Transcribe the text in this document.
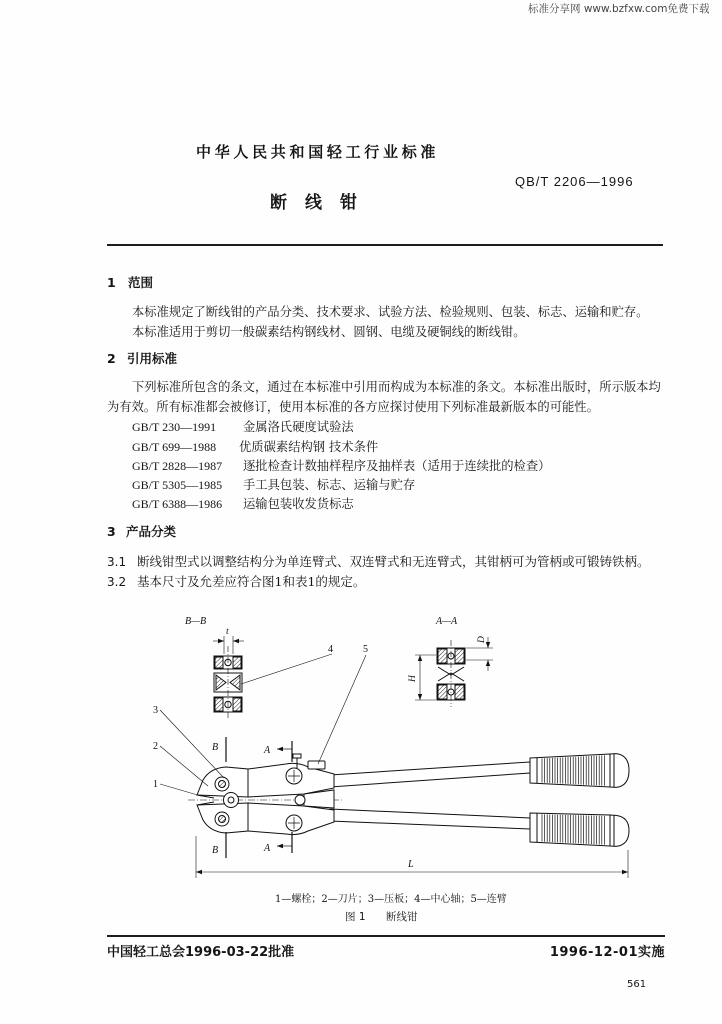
标准分享网 www.bzfxw.com免费下载
中华人民共和国轻工行业标准
QB/T 2206—1996
断线钳
1 范围
本标准规定了断线钳的产品分类、技术要求、试验方法、检验规则、包装、标志、运输和贮存。
本标准适用于剪切一般碳素结构钢线材、圆钢、电缆及硬铜线的断线钳。
2 引用标准
下列标准所包含的条文，通过在本标准中引用而构成为本标准的条文。本标准出版时，所示版本均
为有效。所有标准都会被修订，使用本标准的各方应探讨使用下列标准最新版本的可能性。
GB/T 230—1991 金属洛氏硬度试验法
GB/T 699—1988 优质碳素结构钢 技术条件
GB/T 2828—1987 逐批检查计数抽样程序及抽样表（适用于连续批的检查）
GB/T 5305—1985 手工具包装、标志、运输与贮存
GB/T 6388—1986 运输包装收发货标志
3 产品分类
3.1 断线钳型式以调整结构分为单连臂式、双连臂式和无连臂式，其钳柄可为管柄或可锻铸铁柄。
3.2 基本尺寸及允差应符合图1和表1的规定。
B—B
t
A—A
D
H
1
2
3
4	5
B
B
A
A
L
1—螺栓；2—刀片；3—压板；4—中心轴；5—连臂
图 1 断线钳
中国轻工总会1996-03-22批准	1996-12-01实施
561
